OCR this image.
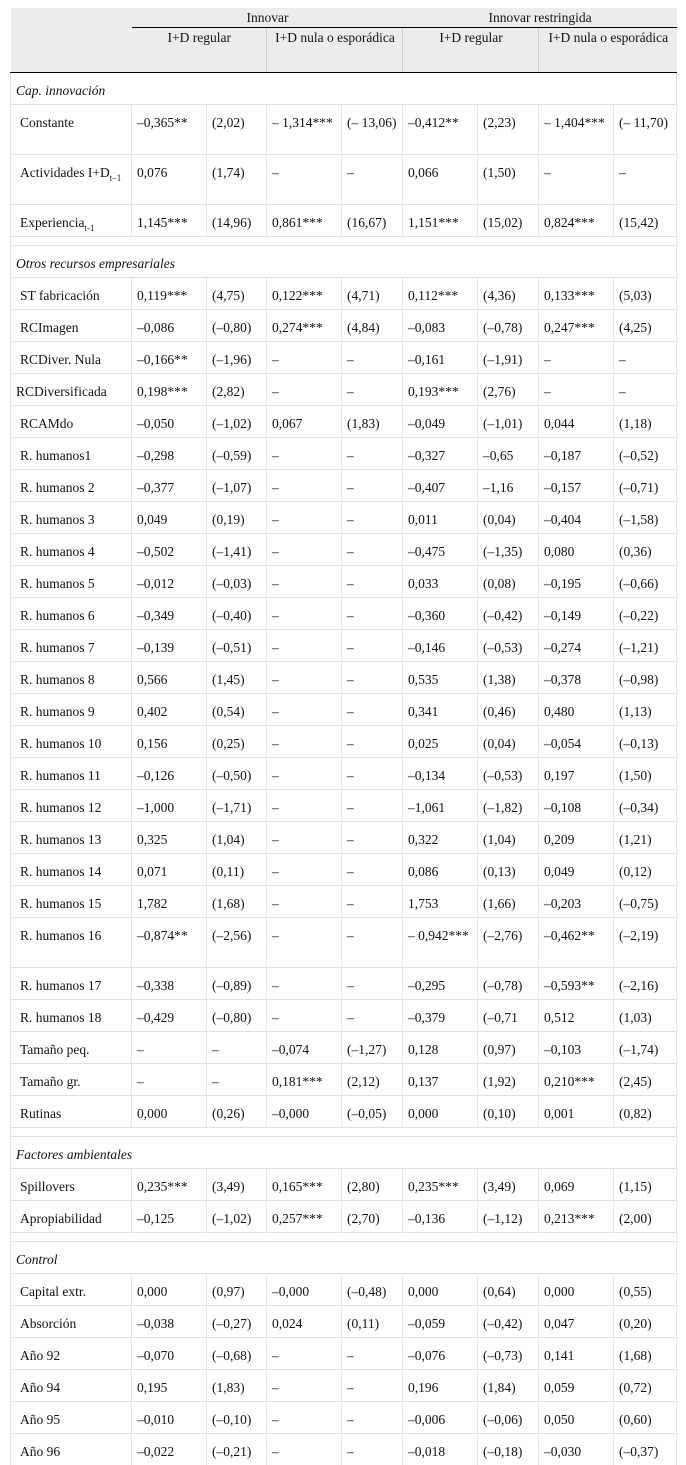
	Innovar				Innovar restringida			
	I+D regular		I+D nula o esporádica		I+D regular		I+D nula o esporádica	
Cap. innovación								
Constante	–0,365**	(2,02)	– 1,314***	(– 13,06)	–0,412**	(2,23)	– 1,404***	(– 11,70)
Actividades $I+D_{t-1}$	0,076	(1,74)	–	–	0,066	(1,50)	–	–
Experiencia$_{t-1}$	1,145***	(14,96)	0,861***	(16,67)	1,151***	(15,02)	0,824***	(15,42)

Otros recursos empresariales								
ST fabricación	0,119***	(4,75)	0,122***	(4,71)	0,112***	(4,36)	0,133***	(5,03)
RCImagen	–0,086	(–0,80)	0,274***	(4,84)	–0,083	(–0,78)	0,247***	(4,25)
RCDiver. Nula	–0,166**	(–1,96)	–	–	–0,161	(–1,91)	–	–
RCDiversificada	0,198***	(2,82)	–	–	0,193***	(2,76)	–	–
RCAMdo	–0,050	(–1,02)	0,067	(1,83)	–0,049	(–1,01)	0,044	(1,18)
R. humanos1	–0,298	(–0,59)	–	–	–0,327	–0,65	–0,187	(–0,52)
R. humanos 2	–0,377	(–1,07)	–	–	–0,407	–1,16	–0,157	(–0,71)
R. humanos 3	0,049	(0,19)	–	–	0,011	(0,04)	–0,404	(–1,58)
R. humanos 4	–0,502	(–1,41)	–	–	–0,475	(–1,35)	0,080	(0,36)
R. humanos 5	–0,012	(–0,03)	–	–	0,033	(0,08)	–0,195	(–0,66)
R. humanos 6	–0,349	(–0,40)	–	–	–0,360	(–0,42)	–0,149	(–0,22)
R. humanos 7	–0,139	(–0,51)	–	–	–0,146	(–0,53)	–0,274	(–1,21)
R. humanos 8	0,566	(1,45)	–	–	0,535	(1,38)	–0,378	(–0,98)
R. humanos 9	0,402	(0,54)	–	–	0,341	(0,46)	0,480	(1,13)
R. humanos 10	0,156	(0,25)	–	–	0,025	(0,04)	–0,054	(–0,13)
R. humanos 11	–0,126	(–0,50)	–	–	–0,134	(–0,53)	0,197	(1,50)
R. humanos 12	–1,000	(–1,71)	–	–	–1,061	(–1,82)	–0,108	(–0,34)
R. humanos 13	0,325	(1,04)	–	–	0,322	(1,04)	0,209	(1,21)
R. humanos 14	0,071	(0,11)	–	–	0,086	(0,13)	0,049	(0,12)
R. humanos 15	1,782	(1,68)	–	–	1,753	(1,66)	–0,203	(–0,75)
R. humanos 16	–0,874**	(–2,56)	–	–	– 0,942***	(–2,76)	–0,462**	(–2,19)
R. humanos 17	–0,338	(–0,89)	–	–	–0,295	(–0,78)	–0,593**	(–2,16)
R. humanos 18	–0,429	(–0,80)	–	–	–0,379	(–0,71	0,512	(1,03)
Tamaño peq.	–	–	–0,074	(–1,27)	0,128	(0,97)	–0,103	(–1,74)
Tamaño gr.	–	–	0,181***	(2,12)	0,137	(1,92)	0,210***	(2,45)
Rutinas	0,000	(0,26)	–0,000	(–0,05)	0,000	(0,10)	0,001	(0,82)

Factores ambientales								
Spillovers	0,235***	(3,49)	0,165***	(2,80)	0,235***	(3,49)	0,069	(1,15)
Apropiabilidad	–0,125	(–1,02)	0,257***	(2,70)	–0,136	(–1,12)	0,213***	(2,00)

Control								
Capital extr.	0,000	(0,97)	–0,000	(–0,48)	0,000	(0,64)	0,000	(0,55)
Absorción	–0,038	(–0,27)	0,024	(0,11)	–0,059	(–0,42)	0,047	(0,20)
Año 92	–0,070	(–0,68)	–	–	–0,076	(–0,73)	0,141	(1,68)
Año 94	0,195	(1,83)	–	–	0,196	(1,84)	0,059	(0,72)
Año 95	–0,010	(–0,10)	–	–	–0,006	(–0,06)	0,050	(0,60)
Año 96	–0,022	(–0,21)	–	–	–0,018	(–0,18)	–0,030	(–0,37)
